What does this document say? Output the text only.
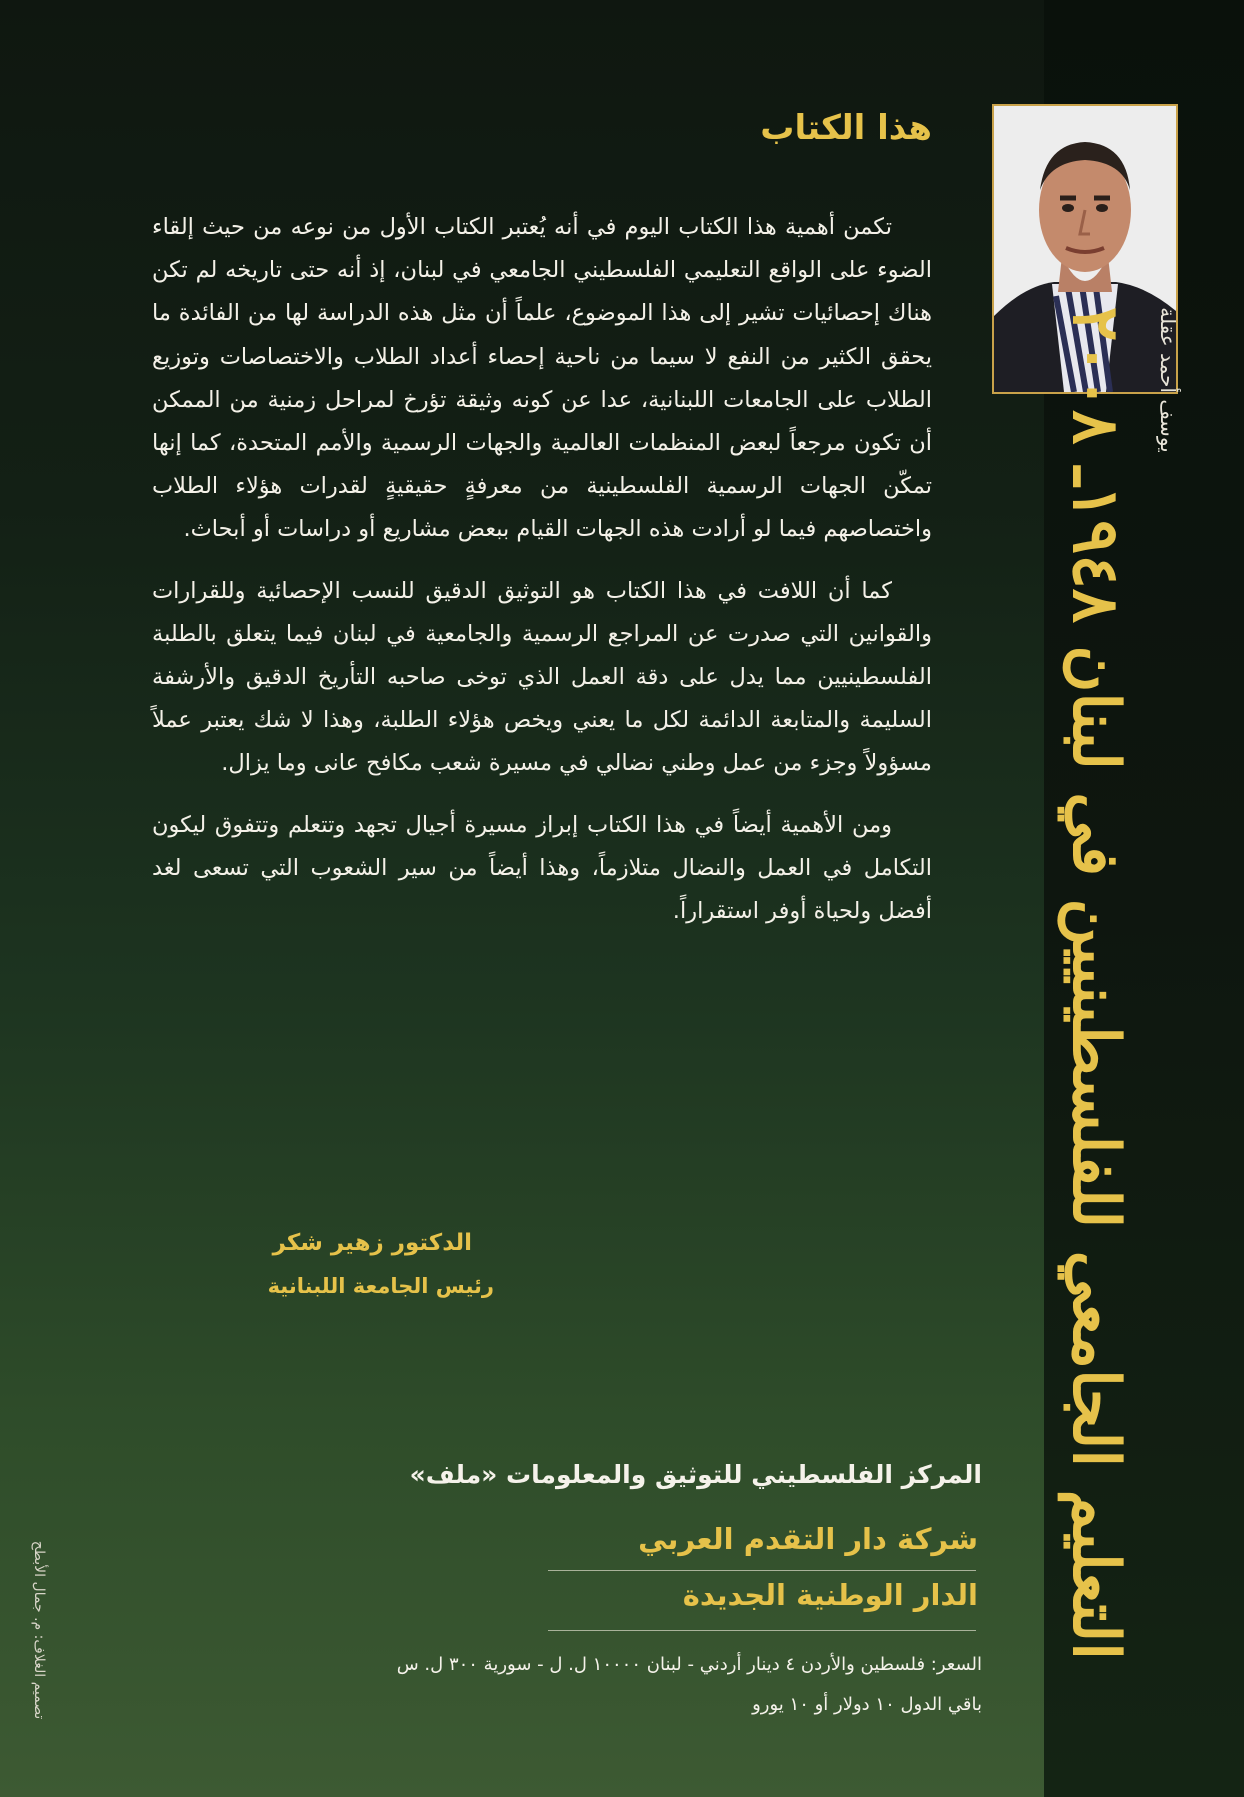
يوسف أحمد عقلة
التعليم الجامعي للفلسطينيين في لبنان ١٩٤٨ـ ٢٠٠٨
هذا الكتاب

تكمن أهمية هذا الكتاب اليوم في أنه يُعتبر الكتاب الأول من نوعه من حيث إلقاء الضوء على الواقع التعليمي الفلسطيني الجامعي في لبنان، إذ أنه حتى تاريخه لم تكن هناك إحصائيات تشير إلى هذا الموضوع، علماً أن مثل هذه الدراسة لها من الفائدة ما يحقق الكثير من النفع لا سيما من ناحية إحصاء أعداد الطلاب والاختصاصات وتوزيع الطلاب على الجامعات اللبنانية، عدا عن كونه وثيقة تؤرخ لمراحل زمنية من الممكن أن تكون مرجعاً لبعض المنظمات العالمية والجهات الرسمية والأمم المتحدة، كما إنها تمكّن الجهات الرسمية الفلسطينية من معرفةٍ حقيقيةٍ لقدرات هؤلاء الطلاب واختصاصهم فيما لو أرادت هذه الجهات القيام ببعض مشاريع أو دراسات أو أبحاث.

كما أن اللافت في هذا الكتاب هو التوثيق الدقيق للنسب الإحصائية وللقرارات والقوانين التي صدرت عن المراجع الرسمية والجامعية في لبنان فيما يتعلق بالطلبة الفلسطينيين مما يدل على دقة العمل الذي توخى صاحبه التأريخ الدقيق والأرشفة السليمة والمتابعة الدائمة لكل ما يعني ويخص هؤلاء الطلبة، وهذا لا شك يعتبر عملاً مسؤولاً وجزء من عمل وطني نضالي في مسيرة شعب مكافح عانى وما يزال.

ومن الأهمية أيضاً في هذا الكتاب إبراز مسيرة أجيال تجهد وتتعلم وتتفوق ليكون التكامل في العمل والنضال متلازماً، وهذا أيضاً من سير الشعوب التي تسعى لغد أفضل ولحياة أوفر استقراراً.

الدكتور زهير شكر
رئيس الجامعة اللبنانية
المركز الفلسطيني للتوثيق والمعلومات «ملف»
شركة دار التقدم العربي
الدار الوطنية الجديدة
السعر: فلسطين والأردن ٤ دينار أردني - لبنان ١٠٠٠٠ ل. ل - سورية ٣٠٠ ل. س
باقي الدول ١٠ دولار أو ١٠ يورو
تصميم الغلاف: م. جمال الأبطح
